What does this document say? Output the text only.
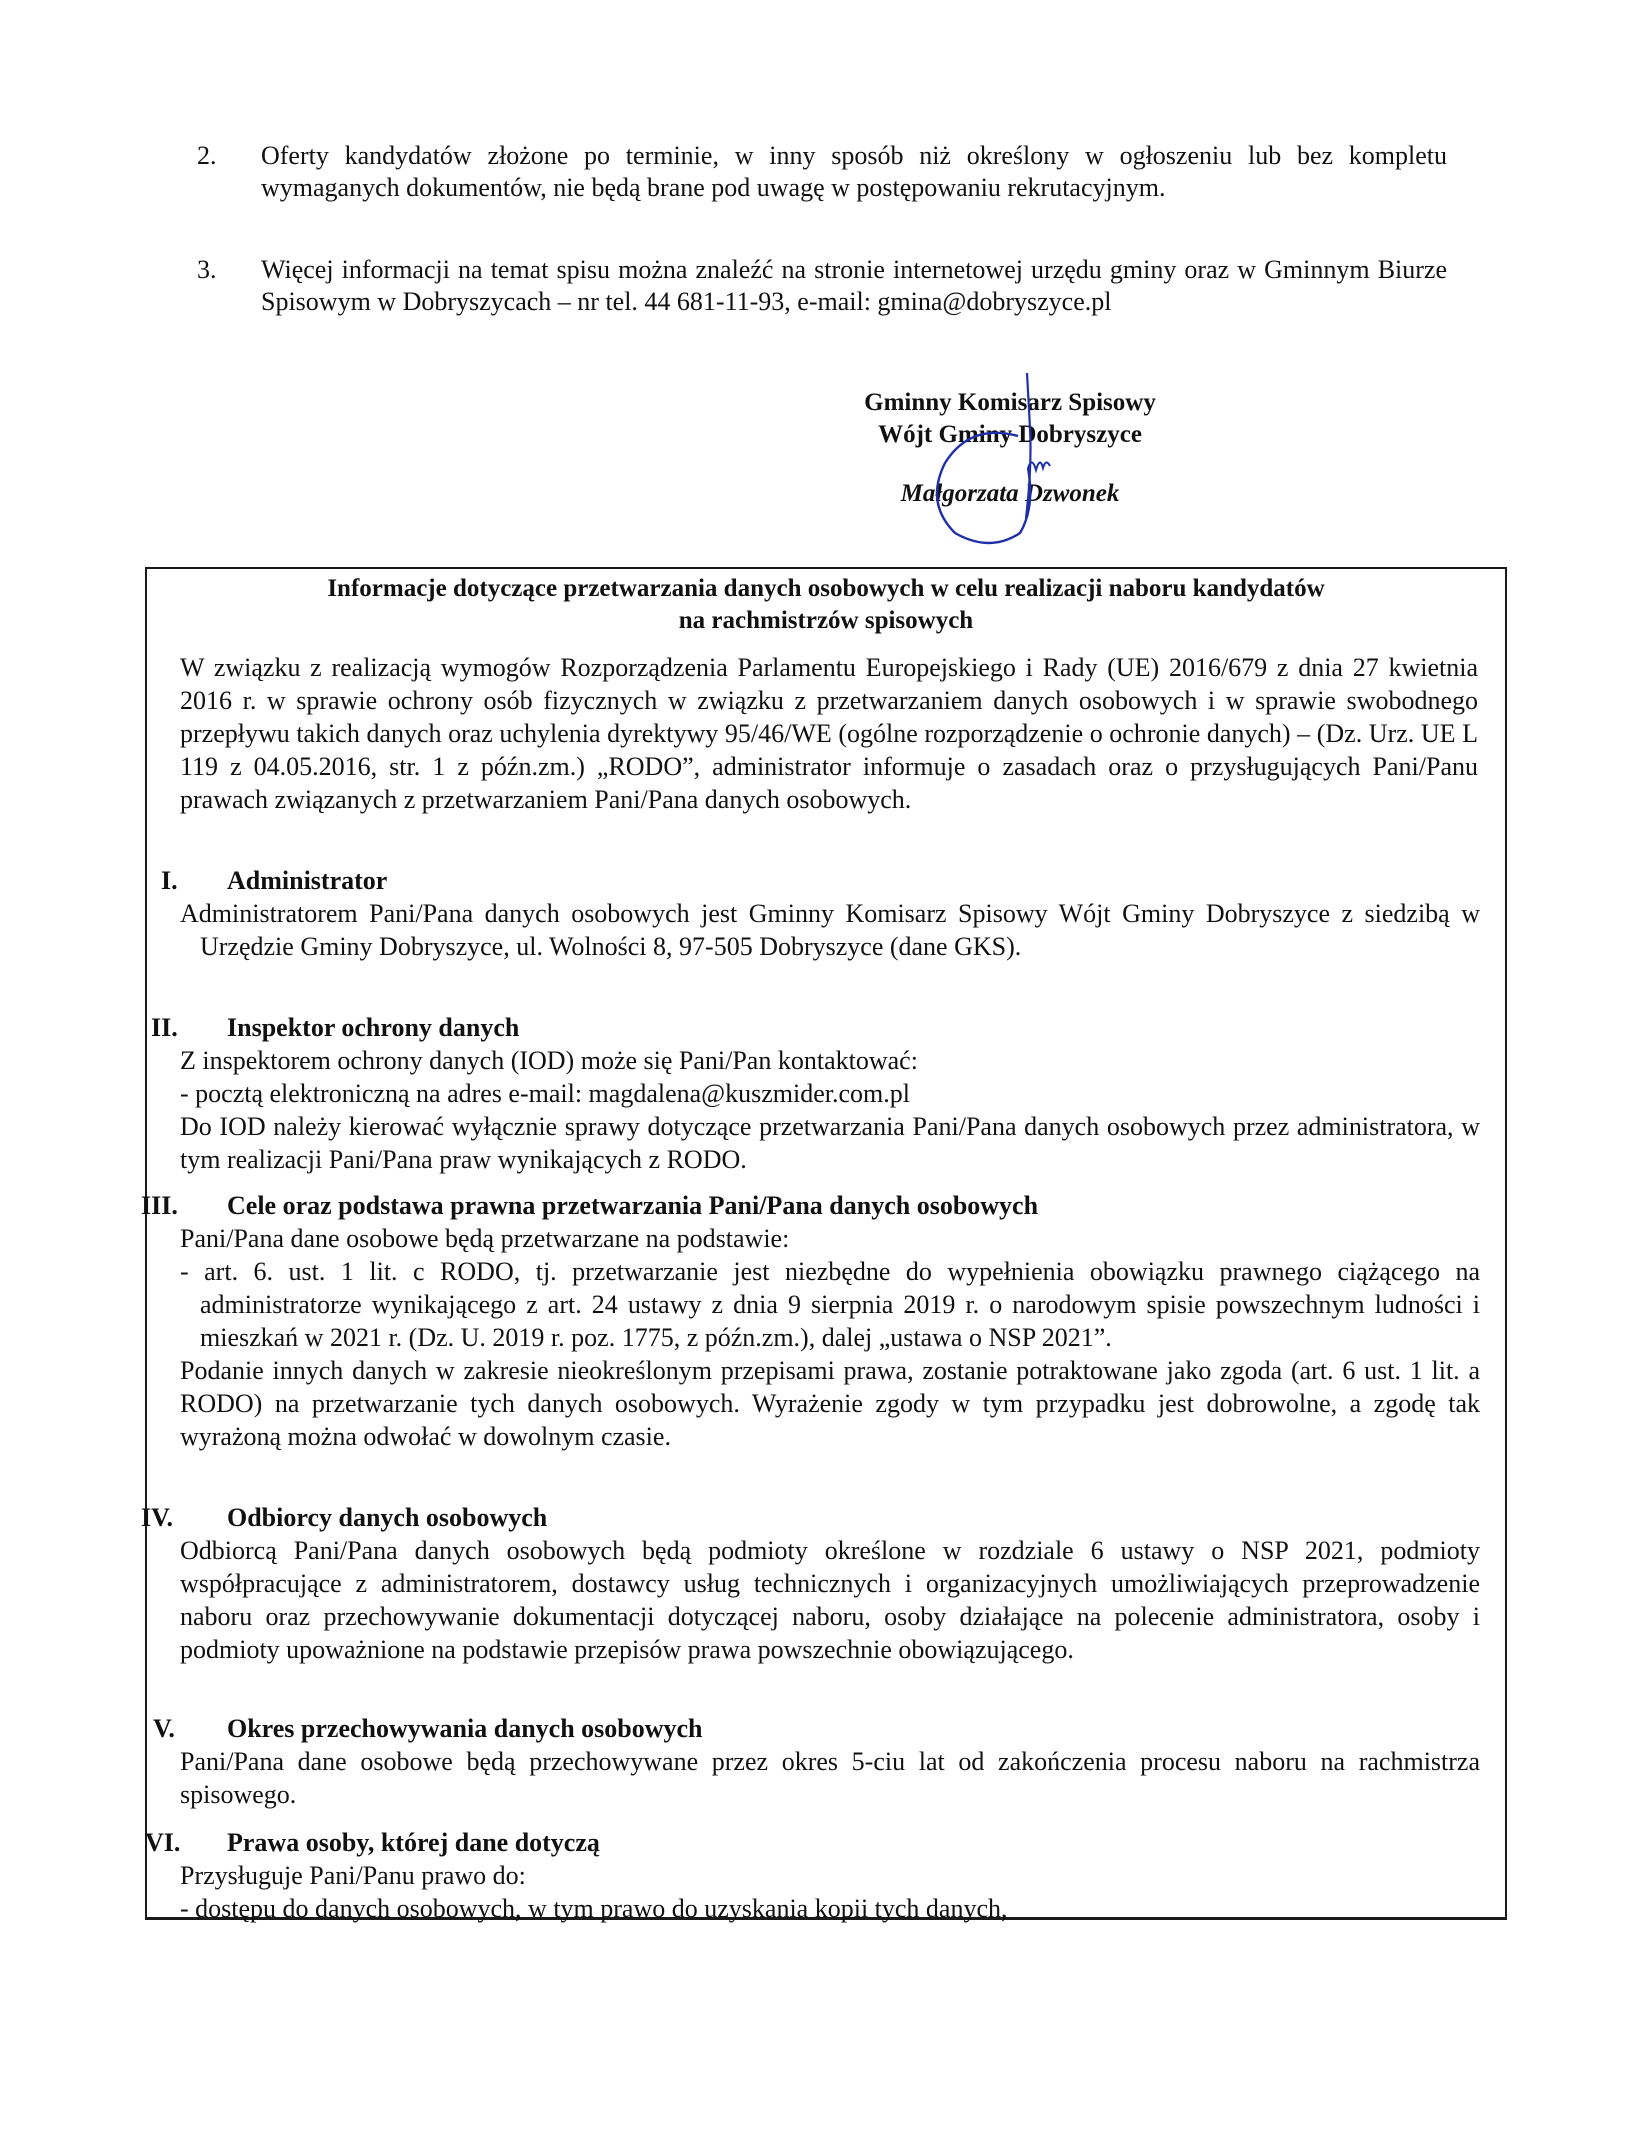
2. Oferty kandydatów złożone po terminie, w inny sposób niż określony w ogłoszeniu lub bez kompletu wymaganych dokumentów, nie będą brane pod uwagę w postępowaniu rekrutacyjnym.
3. Więcej informacji na temat spisu można znaleźć na stronie internetowej urzędu gminy oraz w Gminnym Biurze Spisowym w Dobryszycach – nr tel. 44 681-11-93, e-mail: gmina@dobryszyce.pl
Gminny Komisarz Spisowy
Wójt Gminy Dobryszyce
Małgorzata Dzwonek
Informacje dotyczące przetwarzania danych osobowych w celu realizacji naboru kandydatów
na rachmistrzów spisowych
W związku z realizacją wymogów Rozporządzenia Parlamentu Europejskiego i Rady (UE) 2016/679 z dnia 27 kwietnia 2016 r. w sprawie ochrony osób fizycznych w związku z przetwarzaniem danych osobowych i w sprawie swobodnego przepływu takich danych oraz uchylenia dyrektywy 95/46/WE (ogólne rozporządzenie o ochronie danych) – (Dz. Urz. UE L 119 z 04.05.2016, str. 1 z późn.zm.) „RODO”, administrator informuje o zasadach oraz o przysługujących Pani/Panu prawach związanych z przetwarzaniem Pani/Pana danych osobowych.
I. Administrator

Administratorem Pani/Pana danych osobowych jest Gminny Komisarz Spisowy Wójt Gminy Dobryszyce z siedzibą w Urzędzie Gminy Dobryszyce, ul. Wolności 8, 97-505 Dobryszyce (dane GKS).

II. Inspektor ochrony danych

Z inspektorem ochrony danych (IOD) może się Pani/Pan kontaktować:

- pocztą elektroniczną na adres e-mail: magdalena@kuszmider.com.pl

Do IOD należy kierować wyłącznie sprawy dotyczące przetwarzania Pani/Pana danych osobowych przez administratora, w tym realizacji Pani/Pana praw wynikających z RODO.

III. Cele oraz podstawa prawna przetwarzania Pani/Pana danych osobowych

Pani/Pana dane osobowe będą przetwarzane na podstawie:

- art. 6. ust. 1 lit. c RODO, tj. przetwarzanie jest niezbędne do wypełnienia obowiązku prawnego ciążącego na administratorze wynikającego z art. 24 ustawy z dnia 9 sierpnia 2019 r. o narodowym spisie powszechnym ludności i mieszkań w 2021 r. (Dz. U. 2019 r. poz. 1775, z późn.zm.), dalej „ustawa o NSP 2021”.

Podanie innych danych w zakresie nieokreślonym przepisami prawa, zostanie potraktowane jako zgoda (art. 6 ust. 1 lit. a RODO) na przetwarzanie tych danych osobowych. Wyrażenie zgody w tym przypadku jest dobrowolne, a zgodę tak wyrażoną można odwołać w dowolnym czasie.

IV. Odbiorcy danych osobowych

Odbiorcą Pani/Pana danych osobowych będą podmioty określone w rozdziale 6 ustawy o NSP 2021, podmioty współpracujące z administratorem, dostawcy usług technicznych i organizacyjnych umożliwiających przeprowadzenie naboru oraz przechowywanie dokumentacji dotyczącej naboru, osoby działające na polecenie administratora, osoby i podmioty upoważnione na podstawie przepisów prawa powszechnie obowiązującego.

V. Okres przechowywania danych osobowych

Pani/Pana dane osobowe będą przechowywane przez okres 5-ciu lat od zakończenia procesu naboru na rachmistrza spisowego.

VI. Prawa osoby, której dane dotyczą

Przysługuje Pani/Panu prawo do:

- dostępu do danych osobowych, w tym prawo do uzyskania kopii tych danych,
